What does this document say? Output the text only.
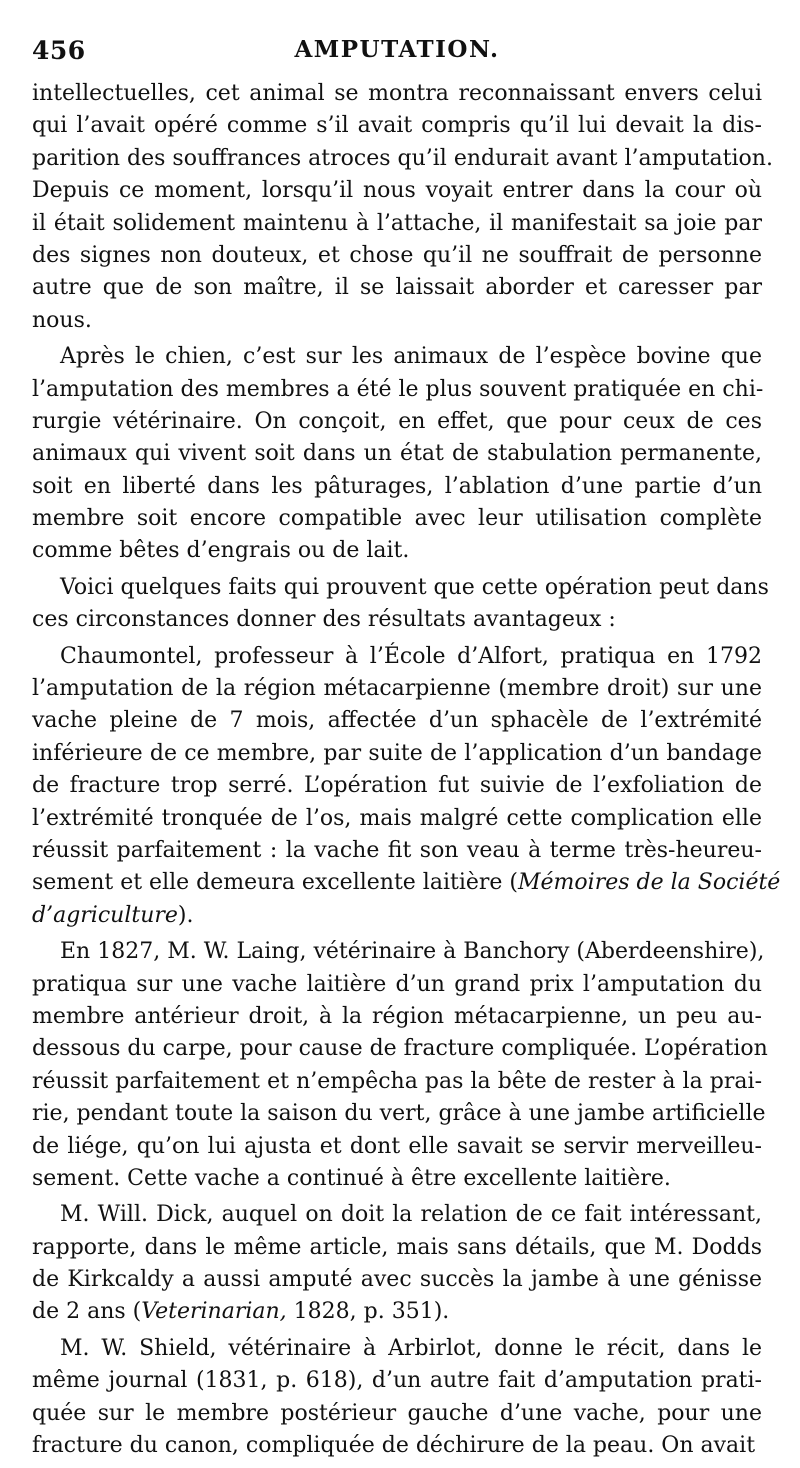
456	AMPUTATION.
intellectuelles, cet animal se montra reconnaissant envers celui
qui l’avait opéré comme s’il avait compris qu’il lui devait la dis-
parition des souffrances atroces qu’il endurait avant l’amputation.
Depuis ce moment, lorsqu’il nous voyait entrer dans la cour où
il était solidement maintenu à l’attache, il manifestait sa joie par
des signes non douteux, et chose qu’il ne souffrait de personne
autre que de son maître, il se laissait aborder et caresser par
nous.
Après le chien, c’est sur les animaux de l’espèce bovine que
l’amputation des membres a été le plus souvent pratiquée en chi-
rurgie vétérinaire. On conçoit, en effet, que pour ceux de ces
animaux qui vivent soit dans un état de stabulation permanente,
soit en liberté dans les pâturages, l’ablation d’une partie d’un
membre soit encore compatible avec leur utilisation complète
comme bêtes d’engrais ou de lait.
Voici quelques faits qui prouvent que cette opération peut dans
ces circonstances donner des résultats avantageux :
Chaumontel, professeur à l’École d’Alfort, pratiqua en 1792
l’amputation de la région métacarpienne (membre droit) sur une
vache pleine de 7 mois, affectée d’un sphacèle de l’extrémité
inférieure de ce membre, par suite de l’application d’un bandage
de fracture trop serré. L’opération fut suivie de l’exfoliation de
l’extrémité tronquée de l’os, mais malgré cette complication elle
réussit parfaitement : la vache fit son veau à terme très-heureu-
sement et elle demeura excellente laitière (Mémoires de la Société
d’agriculture).
En 1827, M. W. Laing, vétérinaire à Banchory (Aberdeenshire),
pratiqua sur une vache laitière d’un grand prix l’amputation du
membre antérieur droit, à la région métacarpienne, un peu au-
dessous du carpe, pour cause de fracture compliquée. L’opération
réussit parfaitement et n’empêcha pas la bête de rester à la prai-
rie, pendant toute la saison du vert, grâce à une jambe artificielle
de liége, qu’on lui ajusta et dont elle savait se servir merveilleu-
sement. Cette vache a continué à être excellente laitière.
M. Will. Dick, auquel on doit la relation de ce fait intéressant,
rapporte, dans le même article, mais sans détails, que M. Dodds
de Kirkcaldy a aussi amputé avec succès la jambe à une génisse
de 2 ans (Veterinarian, 1828, p. 351).
M. W. Shield, vétérinaire à Arbirlot, donne le récit, dans le
même journal (1831, p. 618), d’un autre fait d’amputation prati-
quée sur le membre postérieur gauche d’une vache, pour une
fracture du canon, compliquée de déchirure de la peau. On avait
